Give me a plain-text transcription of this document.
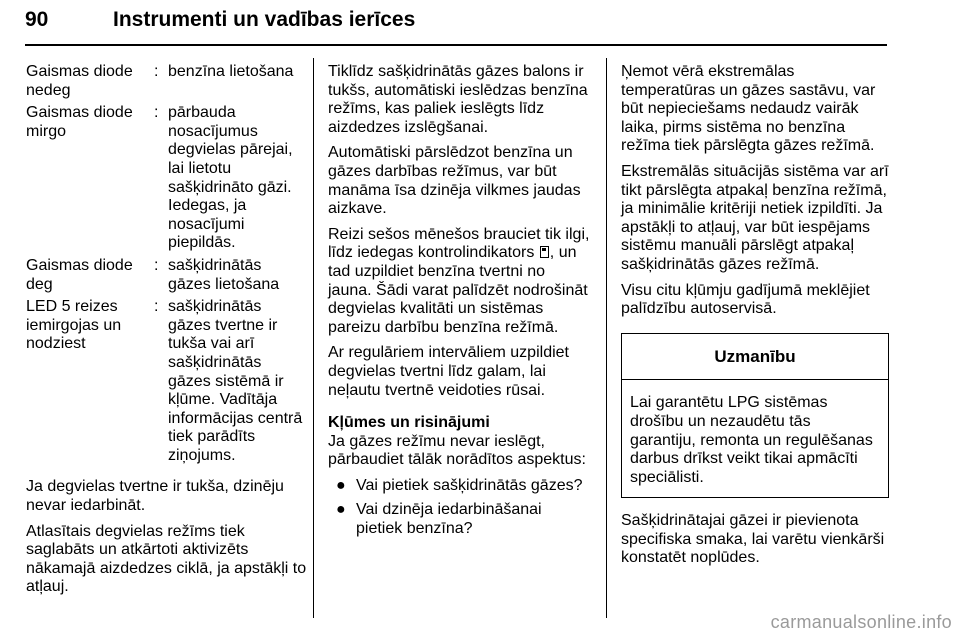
90	Instrumenti un vadības ierīces
Gaismas diode nedeg
: benzīna lietošana
Gaismas diode mirgo
: pārbauda nosacījumus degvielas pārejai, lai lietotu sašķidrināto gāzi. Iedegas, ja nosacījumi piepildās.
Gaismas diode deg
: sašķidrinātās gāzes lietošana
LED 5 reizes iemirgojas un nodziest
: sašķidrinātās gāzes tvertne ir tukša vai arī sašķidrinātās gāzes sistēmā ir kļūme. Vadītāja informācijas centrā tiek parādīts ziņojums.

Ja degvielas tvertne ir tukša, dzinēju nevar iedarbināt.

Atlasītais degvielas režīms tiek saglabāts un atkārtoti aktivizēts nākamajā aizdedzes ciklā, ja apstākļi to atļauj.

Tiklīdz sašķidrinātās gāzes balons ir tukšs, automātiski ieslēdzas benzīna režīms, kas paliek ieslēgts līdz aizdedzes izslēgšanai.

Automātiski pārslēdzot benzīna un gāzes darbības režīmus, var būt manāma īsa dzinēja vilkmes jaudas aizkave.

Reizi sešos mēnešos brauciet tik ilgi, līdz iedegas kontrolindikators , un tad uzpildiet benzīna tvertni no jauna. Šādi varat palīdzēt nodrošināt degvielas kvalitāti un sistēmas pareizu darbību benzīna režīmā.

Ar regulāriem intervāliem uzpildiet degvielas tvertni līdz galam, lai neļautu tvertnē veidoties rūsai.

Kļūmes un risinājumi

Ja gāzes režīmu nevar ieslēgt, pārbaudiet tālāk norādītos aspektus:

● Vai pietiek sašķidrinātās gāzes?
● Vai dzinēja iedarbināšanai pietiek benzīna?

Ņemot vērā ekstremālas temperatūras un gāzes sastāvu, var būt nepieciešams nedaudz vairāk laika, pirms sistēma no benzīna režīma tiek pārslēgta gāzes režīmā.

Ekstremālās situācijās sistēma var arī tikt pārslēgta atpakaļ benzīna režīmā, ja minimālie kritēriji netiek izpildīti. Ja apstākļi to atļauj, var būt iespējams sistēmu manuāli pārslēgt atpakaļ sašķidrinātās gāzes režīmā.

Visu citu kļūmju gadījumā meklējiet palīdzību autoservisā.

Uzmanību
Lai garantētu LPG sistēmas drošību un nezaudētu tās garantiju, remonta un regulēšanas darbus drīkst veikt tikai apmācīti speciālisti.

Sašķidrinātajai gāzei ir pievienota specifiska smaka, lai varētu vienkārši konstatēt noplūdes.

carmanualsonline.info
